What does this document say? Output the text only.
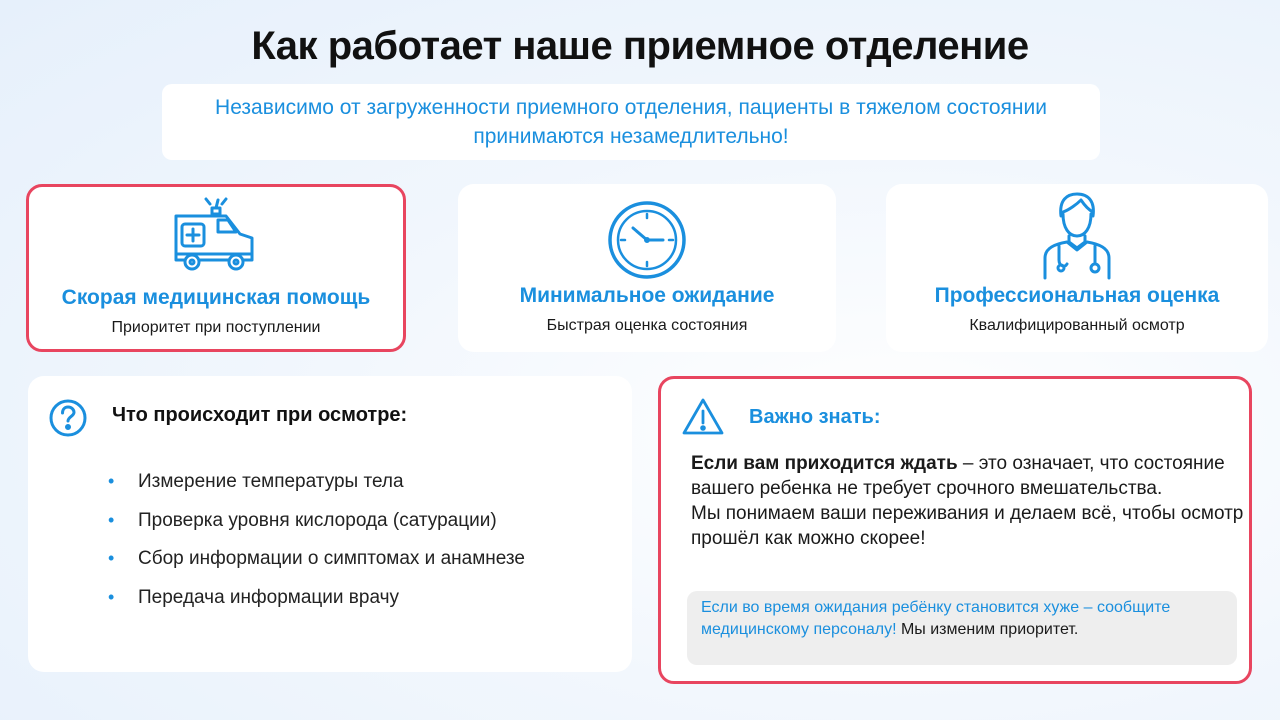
Как работает наше приемное отделение
Независимо от загруженности приемного отделения, пациенты в тяжелом состоянии принимаются незамедлительно!
Скорая медицинская помощь
Приоритет при поступлении
Минимальное ожидание
Быстрая оценка состояния
Профессиональная оценка
Квалифицированный осмотр
Что происходит при осмотре:
• Измерение температуры тела
• Проверка уровня кислорода (сатурации)
• Сбор информации о симптомах и анамнезе
• Передача информации врачу
Важно знать:
Если вам приходится ждать – это означает, что состояние вашего ребенка не требует срочного вмешательства.
Мы понимаем ваши переживания и делаем всё, чтобы осмотр прошёл как можно скорее!
Если во время ожидания ребёнку становится хуже – сообщите медицинскому персоналу! Мы изменим приоритет.
